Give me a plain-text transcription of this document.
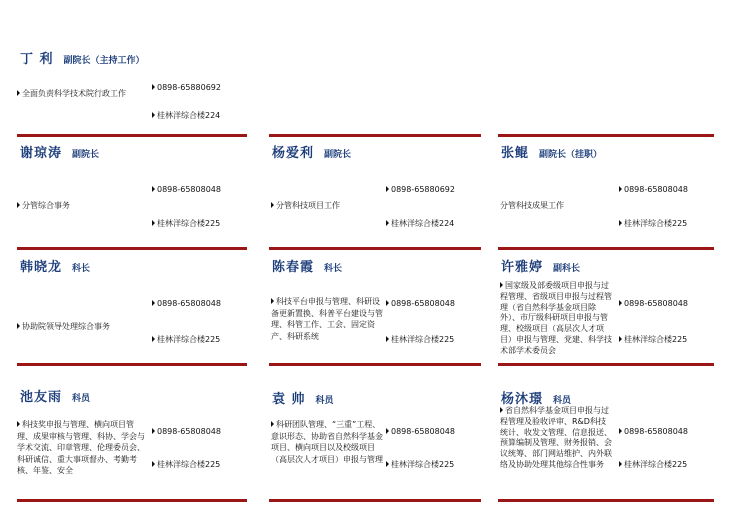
丁 利 副院长（主持工作）
全面负责科学技术院行政工作
0898-65880692
桂林洋综合楼224
谢琼涛 副院长
分管综合事务
0898-65808048
桂林洋综合楼225
杨爱利 副院长
分管科技项目工作
0898-65880692
桂林洋综合楼224
张鲲 副院长（挂职）
分管科技成果工作
0898-65808048
桂林洋综合楼225
韩晓龙 科长
协助院领导处理综合事务
0898-65808048
桂林洋综合楼225
陈春霞 科长
科技平台申报与管理、科研设备更新置换、科普平台建设与管理、科管工作、工会、固定资产、科研系统
0898-65808048
桂林洋综合楼225
许雅婷 副科长
国家级及部委级项目申报与过程管理、省级项目申报与过程管理（省自然科学基金项目除外）、市厅级科研项目申报与管理、校级项目（高层次人才项目）申报与管理、党建、科学技术部学术委员会
0898-65808048
桂林洋综合楼225
池友雨 科员
科技奖申报与管理、横向项目管理、成果审核与管理、科协、学会与学术交流、印章管理、伦理委员会、科研诚信、重大事项督办、考勤考核、年鉴、安全
0898-65808048
桂林洋综合楼225
袁 帅 科员
科研团队管理、“三重”工程、意识形态、协助省自然科学基金项目、横向项目以及校级项目（高层次人才项目）申报与管理
0898-65808048
桂林洋综合楼225
杨沐璟 科员
省自然科学基金项目申报与过程管理及验收评审、R&D科技统计、收发文管理、信息报送、预算编制及管理、财务报销、会议统筹、部门网站维护、内外联络及协助处理其他综合性事务
0898-65808048
桂林洋综合楼225
